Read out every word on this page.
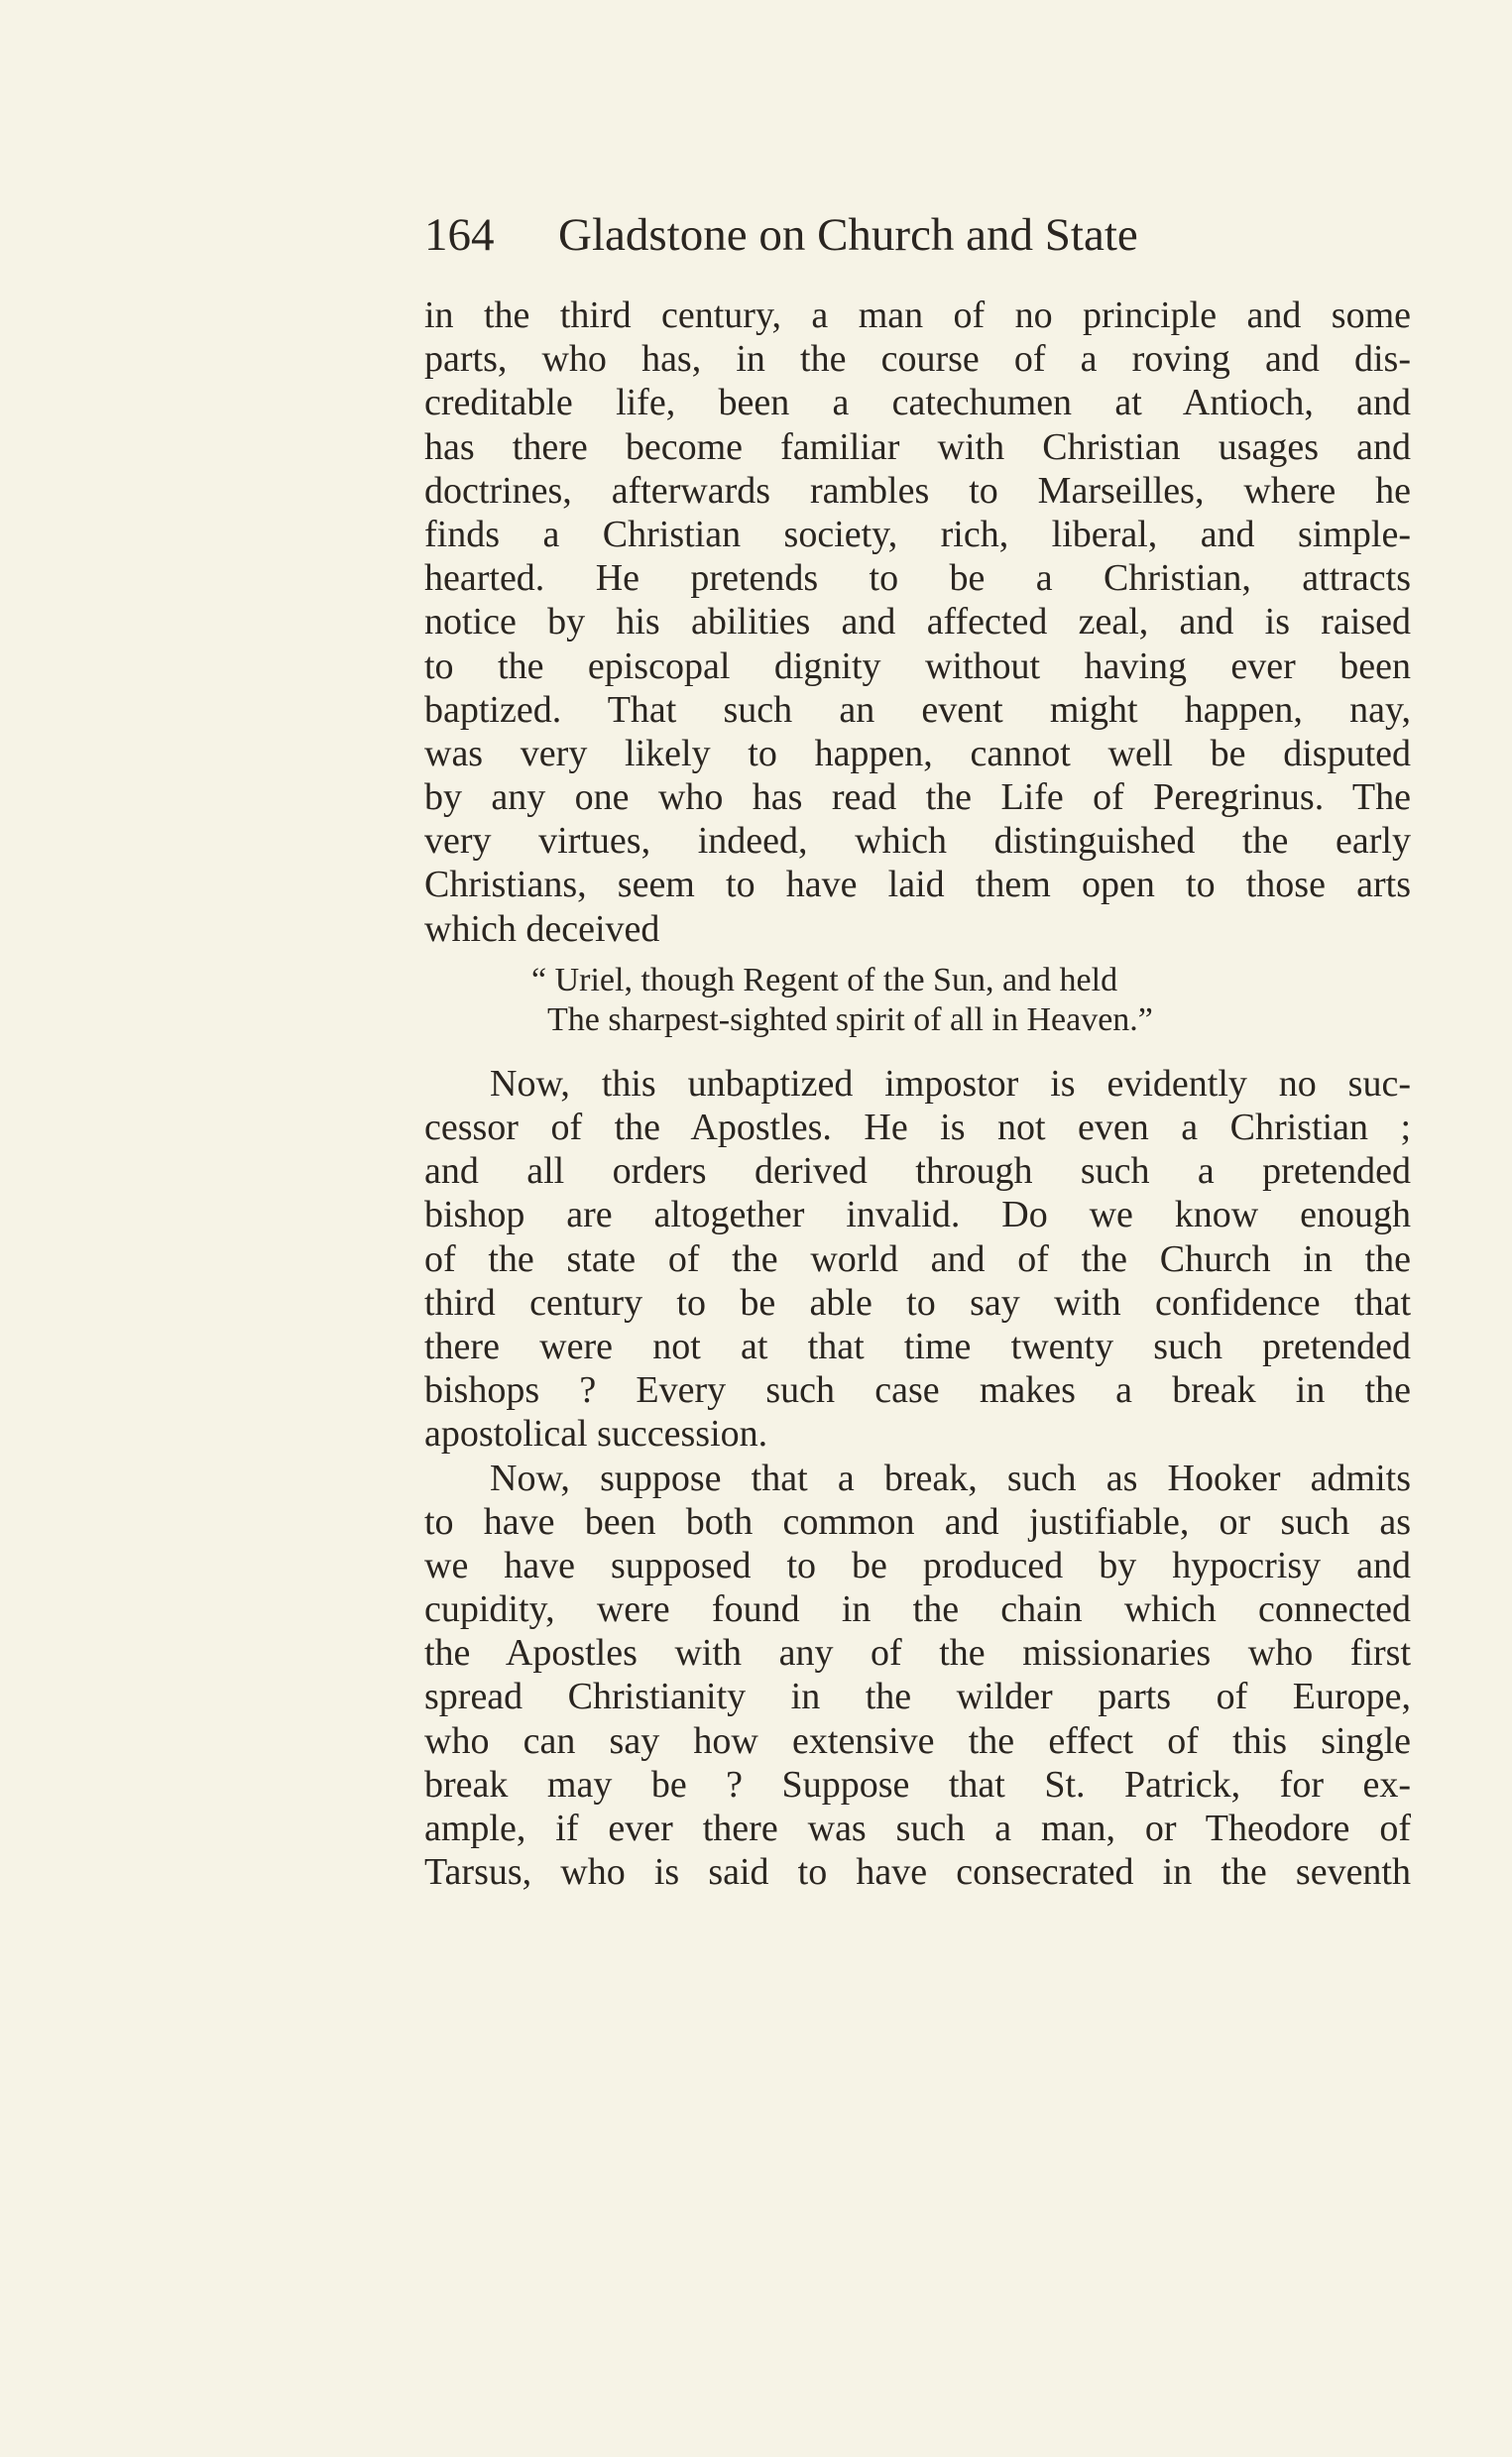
164 Gladstone on Church and State
in the third century, a man of no principle and some
parts, who has, in the course of a roving and dis-
creditable life, been a catechumen at Antioch, and
has there become familiar with Christian usages and
doctrines, afterwards rambles to Marseilles, where he
finds a Christian society, rich, liberal, and simple-
hearted. He pretends to be a Christian, attracts
notice by his abilities and affected zeal, and is raised
to the episcopal dignity without having ever been
baptized. That such an event might happen, nay,
was very likely to happen, cannot well be disputed
by any one who has read the Life of Peregrinus. The
very virtues, indeed, which distinguished the early
Christians, seem to have laid them open to those arts
which deceived
“ Uriel, though Regent of the Sun, and held
The sharpest-sighted spirit of all in Heaven.”
Now, this unbaptized impostor is evidently no suc-
cessor of the Apostles. He is not even a Christian ;
and all orders derived through such a pretended
bishop are altogether invalid. Do we know enough
of the state of the world and of the Church in the
third century to be able to say with confidence that
there were not at that time twenty such pretended
bishops ? Every such case makes a break in the
apostolical succession.
Now, suppose that a break, such as Hooker admits
to have been both common and justifiable, or such as
we have supposed to be produced by hypocrisy and
cupidity, were found in the chain which connected
the Apostles with any of the missionaries who first
spread Christianity in the wilder parts of Europe,
who can say how extensive the effect of this single
break may be ? Suppose that St. Patrick, for ex-
ample, if ever there was such a man, or Theodore of
Tarsus, who is said to have consecrated in the seventh
